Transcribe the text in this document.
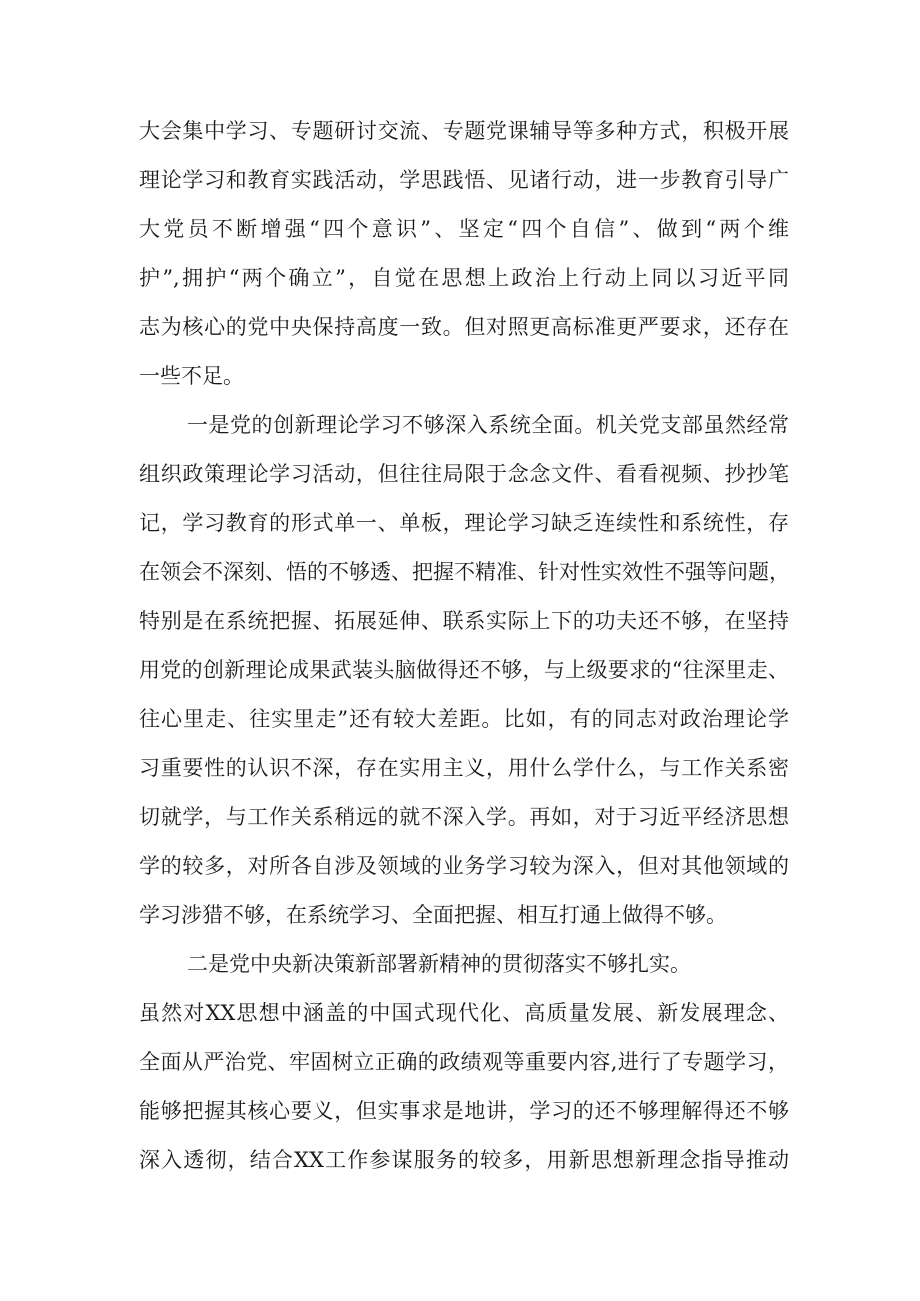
大会集中学习、专题研讨交流、专题党课辅导等多种方式，积极开展
理论学习和教育实践活动，学思践悟、见诸行动，进一步教育引导广
大党员不断增强“四个意识”、坚定“四个自信”、做到“两个维
护”,拥护“两个确立”，自觉在思想上政治上行动上同以习近平同
志为核心的党中央保持高度一致。但对照更高标准更严要求，还存在
一些不足。
一是党的创新理论学习不够深入系统全面。机关党支部虽然经常
组织政策理论学习活动，但往往局限于念念文件、看看视频、抄抄笔
记，学习教育的形式单一、单板，理论学习缺乏连续性和系统性，存
在领会不深刻、悟的不够透、把握不精准、针对性实效性不强等问题，
特别是在系统把握、拓展延伸、联系实际上下的功夫还不够，在坚持
用党的创新理论成果武装头脑做得还不够，与上级要求的“往深里走、
往心里走、往实里走”还有较大差距。比如，有的同志对政治理论学
习重要性的认识不深，存在实用主义，用什么学什么，与工作关系密
切就学，与工作关系稍远的就不深入学。再如，对于习近平经济思想
学的较多，对所各自涉及领域的业务学习较为深入，但对其他领域的
学习涉猎不够，在系统学习、全面把握、相互打通上做得不够。
二是党中央新决策新部署新精神的贯彻落实不够扎实。
虽然对XX思想中涵盖的中国式现代化、高质量发展、新发展理念、
全面从严治党、牢固树立正确的政绩观等重要内容,进行了专题学习，
能够把握其核心要义，但实事求是地讲，学习的还不够理解得还不够
深入透彻，结合XX工作参谋服务的较多，用新思想新理念指导推动
